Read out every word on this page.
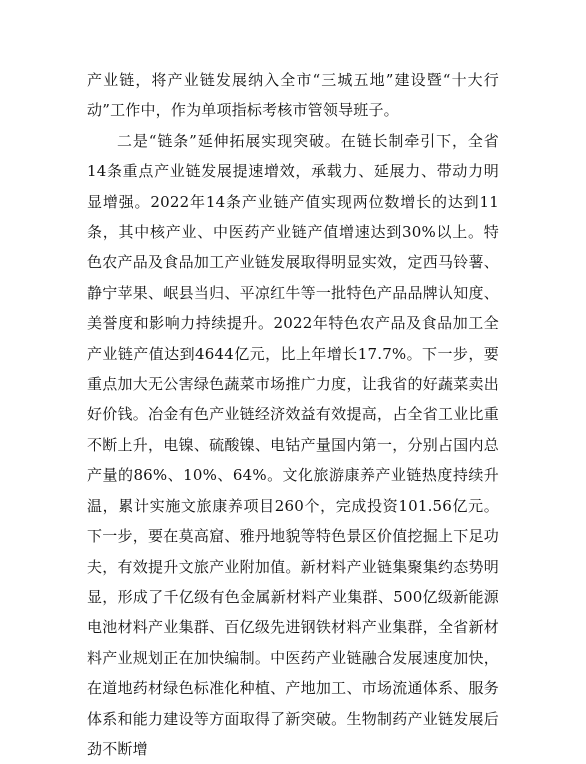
产业链，将产业链发展纳入全市“三城五地”建设暨“十大行动”工作中，作为单项指标考核市管领导班子。

二是“链条”延伸拓展实现突破。在链长制牵引下，全省14条重点产业链发展提速增效，承载力、延展力、带动力明显增强。2022年14条产业链产值实现两位数增长的达到11条，其中核产业、中医药产业链产值增速达到30%以上。特色农产品及食品加工产业链发展取得明显实效，定西马铃薯、静宁苹果、岷县当归、平凉红牛等一批特色产品品牌认知度、美誉度和影响力持续提升。2022年特色农产品及食品加工全产业链产值达到4644亿元，比上年增长17.7%。下一步，要重点加大无公害绿色蔬菜市场推广力度，让我省的好蔬菜卖出好价钱。冶金有色产业链经济效益有效提高，占全省工业比重不断上升，电镍、硫酸镍、电钴产量国内第一，分别占国内总产量的86%、10%、64%。文化旅游康养产业链热度持续升温，累计实施文旅康养项目260个，完成投资101.56亿元。下一步，要在莫高窟、雅丹地貌等特色景区价值挖掘上下足功夫，有效提升文旅产业附加值。新材料产业链集聚集约态势明显，形成了千亿级有色金属新材料产业集群、500亿级新能源电池材料产业集群、百亿级先进钢铁材料产业集群，全省新材料产业规划正在加快编制。中医药产业链融合发展速度加快，在道地药材绿色标准化种植、产地加工、市场流通体系、服务体系和能力建设等方面取得了新突破。生物制药产业链发展后劲不断增
